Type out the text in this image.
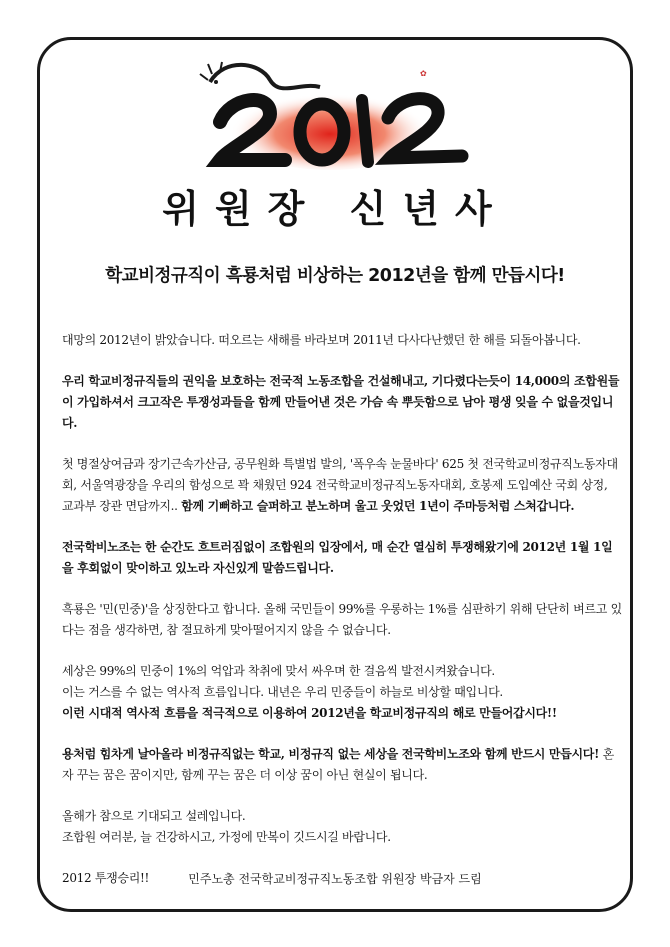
✿
위원장 신년사
학교비정규직이 흑룡처럼 비상하는 2012년을 함께 만듭시다!

대망의 2012년이 밝았습니다. 떠오르는 새해를 바라보며 2011년 다사다난했던 한 해를 되돌아봅니다.

우리 학교비정규직들의 권익을 보호하는 전국적 노동조합을 건설해내고, 기다렸다는듯이 14,000의 조합원들이 가입하셔서 크고작은 투쟁성과들을 함께 만들어낸 것은 가슴 속 뿌듯함으로 남아 평생 잊을 수 없을것입니다.

첫 명절상여금과 장기근속가산금, 공무원화 특별법 발의, '폭우속 눈물바다' 625 첫 전국학교비정규직노동자대회, 서울역광장을 우리의 함성으로 꽉 채웠던 924 전국학교비정규직노동자대회, 호봉제 도입예산 국회 상정, 교과부 장관 면담까지.. 함께 기뻐하고 슬퍼하고 분노하며 울고 웃었던 1년이 주마등처럼 스쳐갑니다.

전국학비노조는 한 순간도 흐트러짐없이 조합원의 입장에서, 매 순간 열심히 투쟁해왔기에 2012년 1월 1일을 후회없이 맞이하고 있노라 자신있게 말씀드립니다.

흑룡은 '민(민중)'을 상징한다고 합니다. 올해 국민들이 99%를 우롱하는 1%를 심판하기 위해 단단히 벼르고 있다는 점을 생각하면, 참 절묘하게 맞아떨어지지 않을 수 없습니다.

세상은 99%의 민중이 1%의 억압과 착취에 맞서 싸우며 한 걸음씩 발전시켜왔습니다.
이는 거스를 수 없는 역사적 흐름입니다. 내년은 우리 민중들이 하늘로 비상할 때입니다.
이런 시대적 역사적 흐름을 적극적으로 이용하여 2012년을 학교비정규직의 해로 만들어갑시다!!

용처럼 힘차게 날아올라 비정규직없는 학교, 비정규직 없는 세상을 전국학비노조와 함께 반드시 만듭시다! 혼자 꾸는 꿈은 꿈이지만, 함께 꾸는 꿈은 더 이상 꿈이 아닌 현실이 됩니다.

올해가 참으로 기대되고 설레입니다.
조합원 여러분, 늘 건강하시고, 가정에 만복이 깃드시길 바랍니다.

2012 투쟁승리!!	민주노총 전국학교비정규직노동조합 위원장 박금자 드림
